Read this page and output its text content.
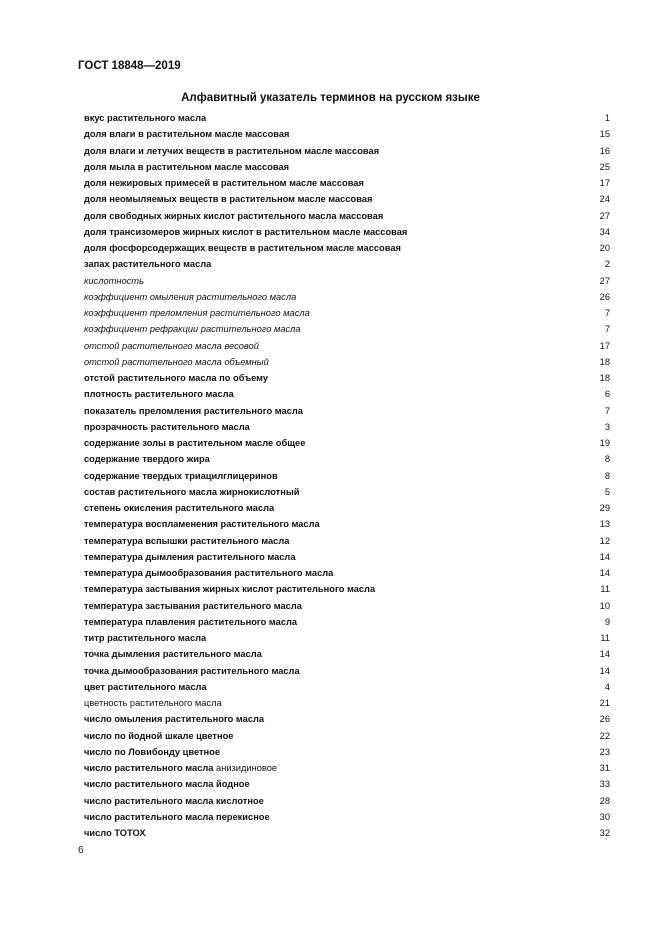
ГОСТ 18848—2019

Алфавитный указатель терминов на русском языке
вкус растительного масла	1
доля влаги в растительном масле массовая	15
доля влаги и летучих веществ в растительном масле массовая	16
доля мыла в растительном масле массовая	25
доля нежировых примесей в растительном масле массовая	17
доля неомыляемых веществ в растительном масле массовая	24
доля свободных жирных кислот растительного масла массовая	27
доля трансизомеров жирных кислот в растительном масле массовая	34
доля фосфорсодержащих веществ в растительном масле массовая	20
запах растительного масла	2
кислотность	27
коэффициент омыления растительного масла	26
коэффициент преломления растительного масла	7
коэффициент рефракции растительного масла	7
отстой растительного масла весовой	17
отстой растительного масла объемный	18
отстой растительного масла по объему	18
плотность растительного масла	6
показатель преломления растительного масла	7
прозрачность растительного масла	3
содержание золы в растительном масле общее	19
содержание твердого жира	8
содержание твердых триацилглицеринов	8
состав растительного масла жирнокислотный	5
степень окисления растительного масла	29
температура воспламенения растительного масла	13
температура вспышки растительного масла	12
температура дымления растительного масла	14
температура дымообразования растительного масла	14
температура застывания жирных кислот растительного масла	11
температура застывания растительного масла	10
температура плавления растительного масла	9
титр растительного масла	11
точка дымления растительного масла	14
точка дымообразования растительного масла	14
цвет растительного масла	4
цветность растительного масла	21
число омыления растительного масла	26
число по йодной шкале цветное	22
число по Ловибонду цветное	23
число растительного масла анизидиновое	31
число растительного масла йодное	33
число растительного масла кислотное	28
число растительного масла перекисное	30
число ТОТОХ	32

6
